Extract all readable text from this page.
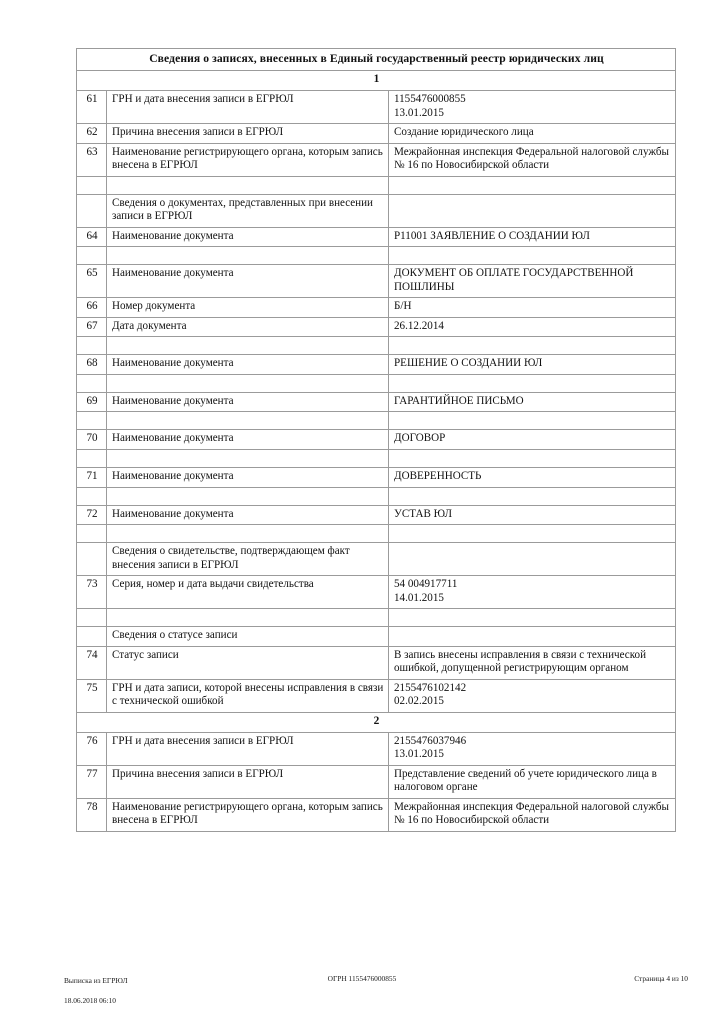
Сведения о записях, внесенных в Единый государственный реестр юридических лиц		
1		
61	ГРН и дата внесения записи в ЕГРЮЛ	1155476000855
13.01.2015
62	Причина внесения записи в ЕГРЮЛ	Создание юридического лица
63	Наименование регистрирующего органа, которым запись внесена в ЕГРЮЛ	Межрайонная инспекция Федеральной налоговой службы № 16 по Новосибирской области

	Сведения о документах, представленных при внесении записи в ЕГРЮЛ	
64	Наименование документа	Р11001 ЗАЯВЛЕНИЕ О СОЗДАНИИ ЮЛ

65	Наименование документа	ДОКУМЕНТ ОБ ОПЛАТЕ ГОСУДАРСТВЕННОЙ ПОШЛИНЫ
66	Номер документа	Б/Н
67	Дата документа	26.12.2014

68	Наименование документа	РЕШЕНИЕ О СОЗДАНИИ ЮЛ

69	Наименование документа	ГАРАНТИЙНОЕ ПИСЬМО

70	Наименование документа	ДОГОВОР

71	Наименование документа	ДОВЕРЕННОСТЬ

72	Наименование документа	УСТАВ ЮЛ

	Сведения о свидетельстве, подтверждающем факт внесения записи в ЕГРЮЛ	
73	Серия, номер и дата выдачи свидетельства	54 004917711
14.01.2015

	Сведения о статусе записи	
74	Статус записи	В запись внесены исправления в связи с технической ошибкой, допущенной регистрирующим органом
75	ГРН и дата записи, которой внесены исправления в связи с технической ошибкой	2155476102142
02.02.2015
2		
76	ГРН и дата внесения записи в ЕГРЮЛ	2155476037946
13.01.2015
77	Причина внесения записи в ЕГРЮЛ	Представление сведений об учете юридического лица в налоговом органе
78	Наименование регистрирующего органа, которым запись внесена в ЕГРЮЛ	Межрайонная инспекция Федеральной налоговой службы № 16 по Новосибирской области

Выписка из ЕГРЮЛ

18.06.2018 06:10

ОГРН 1155476000855	Страница 4 из 10
